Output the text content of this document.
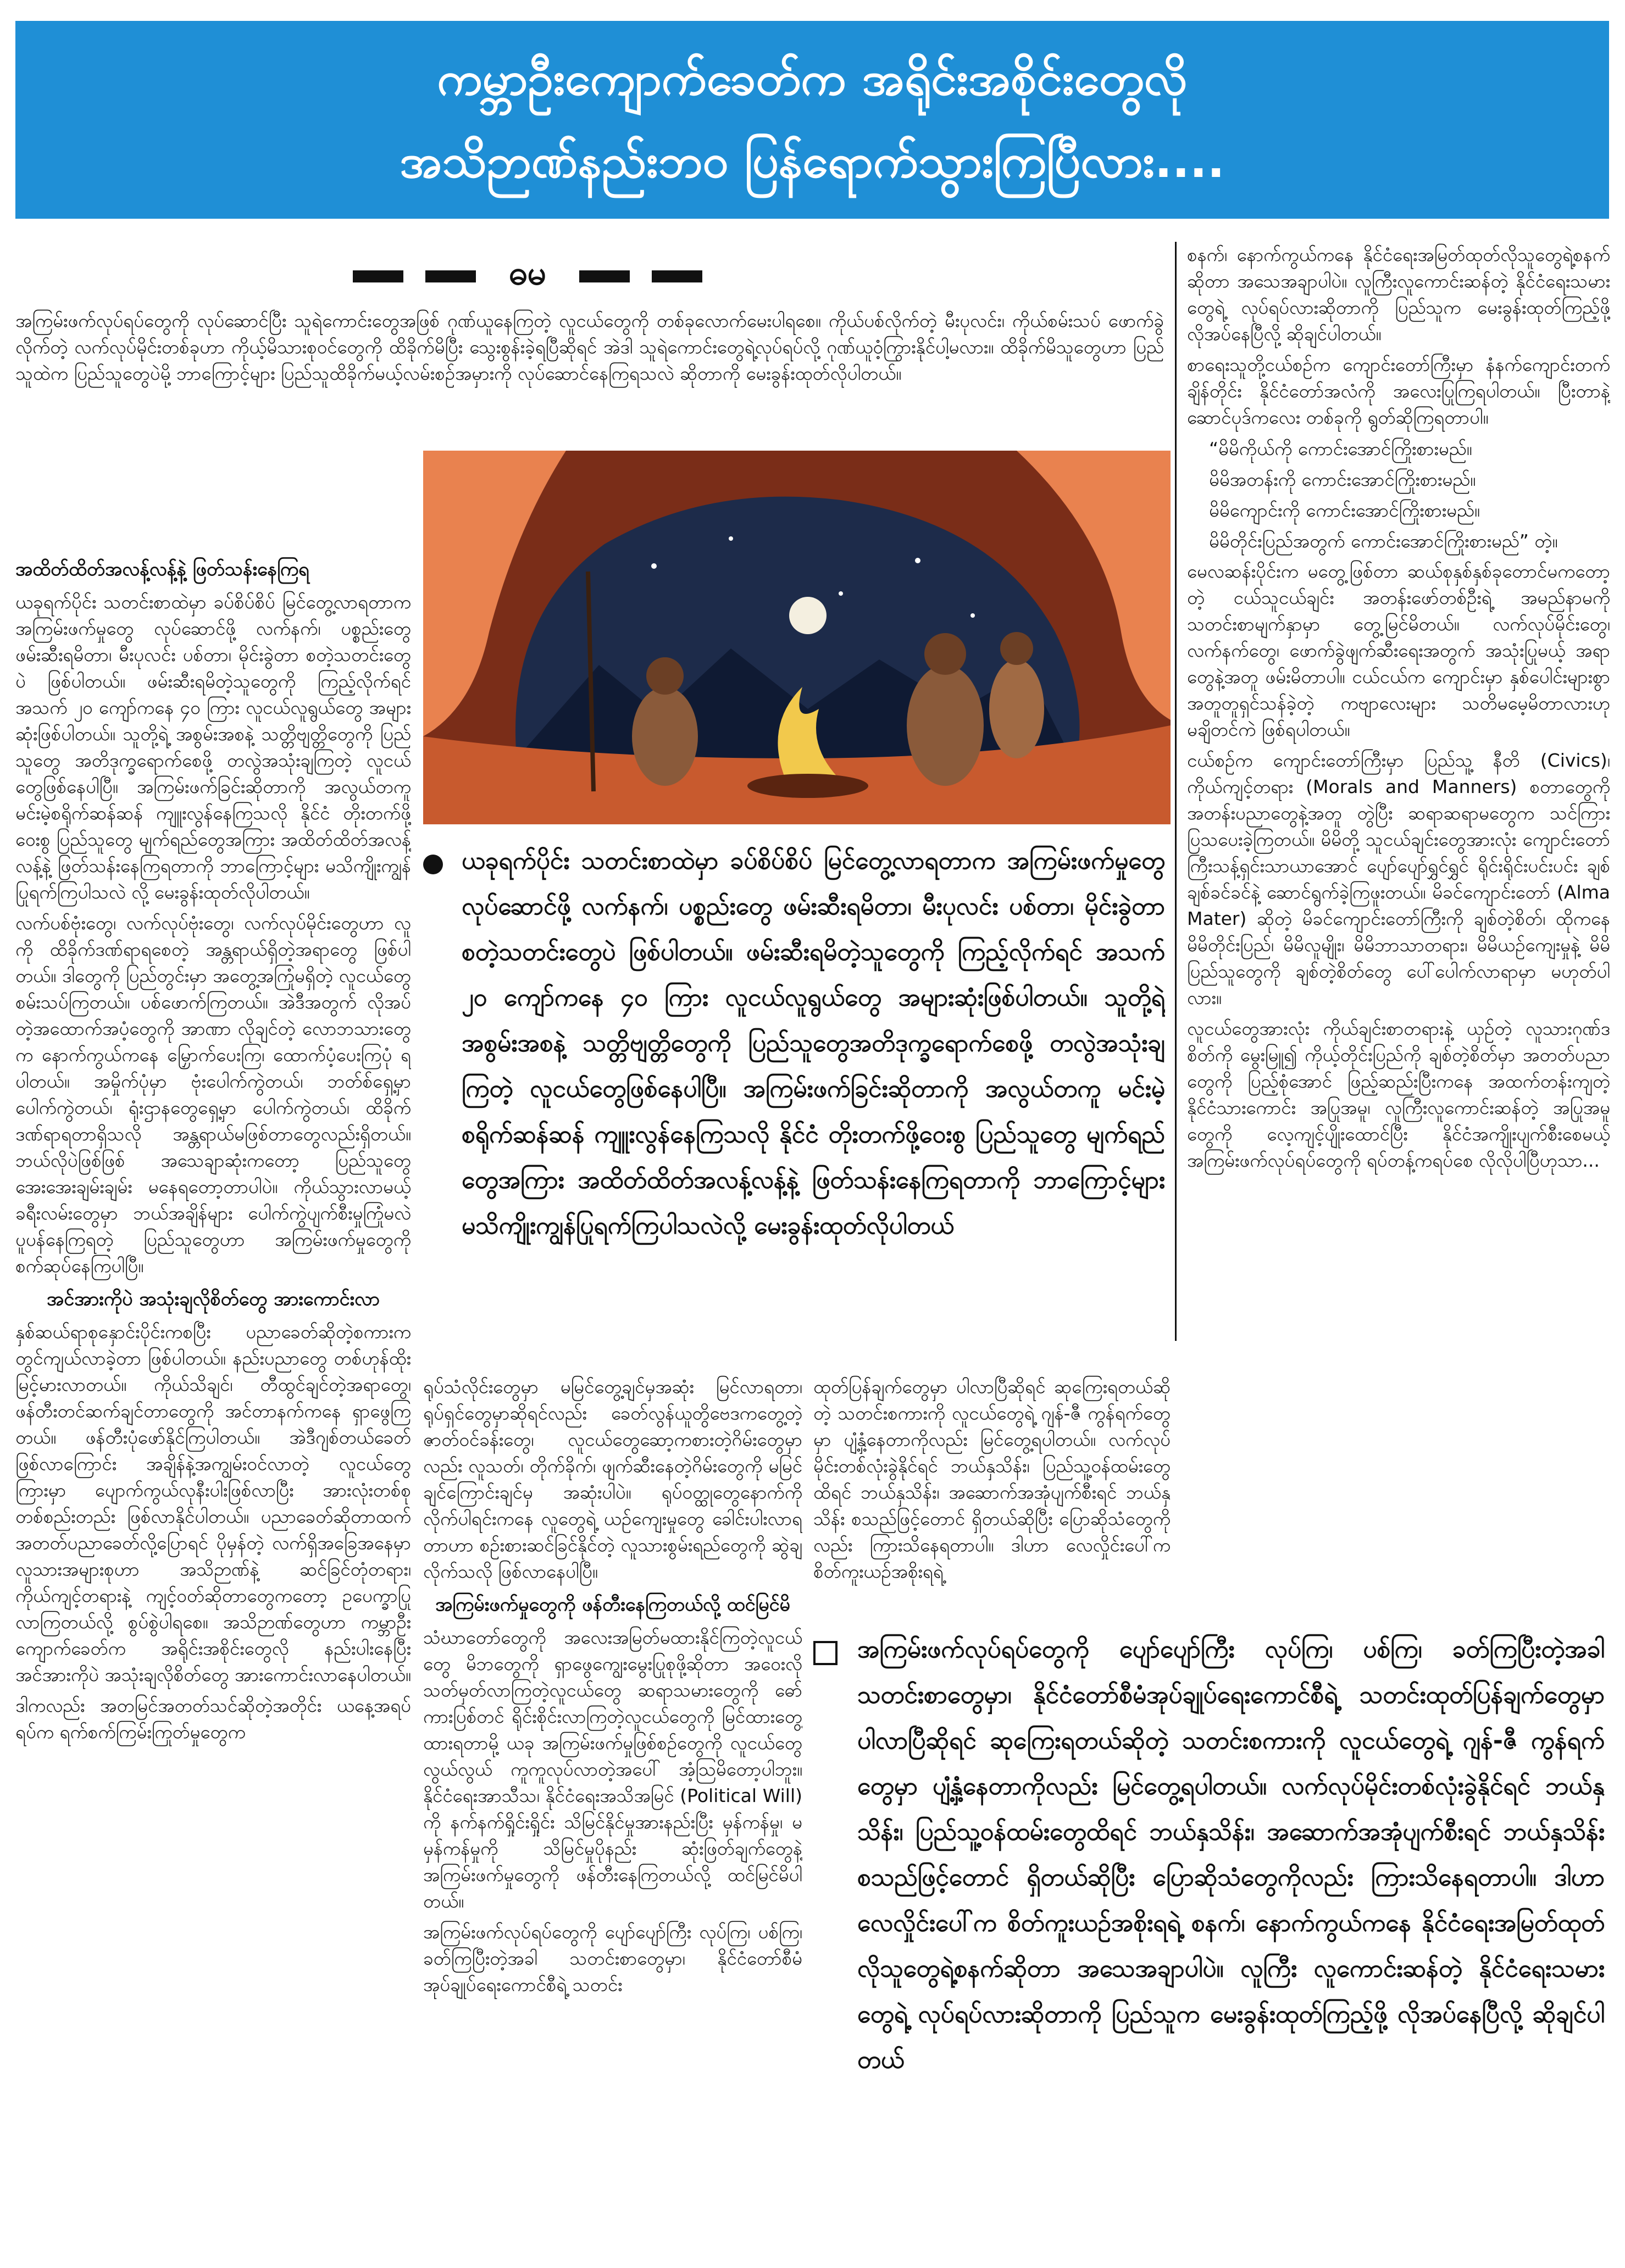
ကမ္ဘာဦးကျောက်ခေတ်က အရိုင်းအစိုင်းတွေလို
အသိဉာဏ်နည်းဘဝ ပြန်ရောက်သွားကြပြီလား....
ဓမ

အကြမ်းဖက်လုပ်ရပ်တွေကို လုပ်ဆောင်ပြီး သူရဲကောင်းတွေအဖြစ် ဂုဏ်ယူနေကြတဲ့ လူငယ်တွေကို တစ်ခုလောက်မေးပါရစေ။ ကိုယ်ပစ်လိုက်တဲ့ မီးပုလင်း၊ ကိုယ်စမ်းသပ် ဖောက်ခွဲလိုက်တဲ့ လက်လုပ်မိုင်းတစ်ခုဟာ ကိုယ့်မိသားစုဝင်တွေကို ထိခိုက်မိပြီး သွေးစွန်းခဲ့ရပြီဆိုရင် အဲဒါ သူရဲကောင်းတွေရဲ့လုပ်ရပ်လို့ ဂုဏ်ယူဝံ့ကြွားနိုင်ပါ့မလား။ ထိခိုက်မိသူတွေဟာ ပြည်သူထဲက ပြည်သူတွေပဲမို့ ဘာကြောင့်များ ပြည်သူထိခိုက်မယ့်လမ်းစဉ်အမှားကို လုပ်ဆောင်နေကြရသလဲ ဆိုတာကို မေးခွန်းထုတ်လိုပါတယ်။

အထိတ်ထိတ်အလန့်လန့်နဲ့ ဖြတ်သန်းနေကြရ

ယခုရက်ပိုင်း သတင်းစာထဲမှာ ခပ်စိပ်စိပ် မြင်တွေ့လာရတာက အကြမ်းဖက်မှုတွေ လုပ်ဆောင်ဖို့ လက်နက်၊ ပစ္စည်းတွေ ဖမ်းဆီးရမိတာ၊ မီးပုလင်း ပစ်တာ၊ မိုင်းခွဲတာ စတဲ့သတင်းတွေပဲ ဖြစ်ပါတယ်။ ဖမ်းဆီးရမိတဲ့သူတွေကို ကြည့်လိုက်ရင် အသက် ၂၀ ကျော်ကနေ ၄၀ ကြား လူငယ်လူရွယ်တွေ အများဆုံးဖြစ်ပါတယ်။ သူတို့ရဲ့ အစွမ်းအစနဲ့ သတ္တိဗျတ္တိတွေကို ပြည်သူတွေ အတိဒုက္ခရောက်စေဖို့ တလွဲအသုံးချကြတဲ့ လူငယ်တွေဖြစ်နေပါပြီ။ အကြမ်းဖက်ခြင်းဆိုတာကို အလွယ်တကူ မင်းမဲ့စရိုက်ဆန်ဆန် ကျူးလွန်နေကြသလို နိုင်ငံ တိုးတက်ဖို့ဝေးစွ ပြည်သူတွေ မျက်ရည်တွေအကြား အထိတ်ထိတ်အလန့်လန့်နဲ့ ဖြတ်သန်းနေကြရတာကို ဘာကြောင့်များ မသိကျိုးကျွန်ပြုရက်ကြပါသလဲ လို့ မေးခွန်းထုတ်လိုပါတယ်။

လက်ပစ်ဗုံးတွေ၊ လက်လုပ်ဗုံးတွေ၊ လက်လုပ်မိုင်းတွေဟာ လူကို ထိခိုက်ဒဏ်ရာရစေတဲ့ အန္တရာယ်ရှိတဲ့အရာတွေ ဖြစ်ပါတယ်။ ဒါတွေကို ပြည်တွင်းမှာ အတွေ့အကြုံမရှိတဲ့ လူငယ်တွေ စမ်းသပ်ကြတယ်။ ပစ်ဖောက်ကြတယ်။ အဲဒီအတွက် လိုအပ်တဲ့အထောက်အပံ့တွေကို အာဏာ လိုချင်တဲ့ လောဘသားတွေက နောက်ကွယ်ကနေ မြှောက်ပေးကြ၊ ထောက်ပံ့ပေးကြပုံ ရပါတယ်။ အမှိုက်ပုံမှာ ဗုံးပေါက်ကွဲတယ်၊ ဘတ်စ်ရှေ့မှာ ပေါက်ကွဲတယ်၊ ရုံးဌာနတွေရှေ့မှာ ပေါက်ကွဲတယ်၊ ထိခိုက်ဒဏ်ရာရတာရှိသလို အန္တရာယ်မဖြစ်တာတွေလည်းရှိတယ်။ ဘယ်လိုပဲဖြစ်ဖြစ် အသေချာဆုံးကတော့ ပြည်သူတွေ အေးအေးချမ်းချမ်း မနေရတော့တာပါပဲ။ ကိုယ်သွားလာမယ့် ခရီးလမ်းတွေမှာ ဘယ်အချိန်များ ပေါက်ကွဲပျက်စီးမှုကြုံမလဲ ပူပန်နေကြရတဲ့ ပြည်သူတွေဟာ အကြမ်းဖက်မှုတွေကို စက်ဆုပ်နေကြပါပြီ။

အင်အားကိုပဲ အသုံးချလိုစိတ်တွေ အားကောင်းလာ

နှစ်ဆယ်ရာစုနှောင်းပိုင်းကစပြီး ပညာခေတ်ဆိုတဲ့စကားက တွင်ကျယ်လာခဲ့တာ ဖြစ်ပါတယ်။ နည်းပညာတွေ တစ်ဟုန်ထိုးမြင့်မားလာတယ်။ ကိုယ်သိချင်၊ တီထွင်ချင်တဲ့အရာတွေ၊ ဖန်တီးတင်ဆက်ချင်တာတွေကို အင်တာနက်ကနေ ရှာဖွေကြတယ်။ ဖန်တီးပုံဖော်နိုင်ကြပါတယ်။ အဲဒီဂျစ်တယ်ခေတ်ဖြစ်လာကြောင်း အချိန်နဲ့အကျွမ်းဝင်လာတဲ့ လူငယ်တွေကြားမှာ ပျောက်ကွယ်လုနီးပါးဖြစ်လာပြီး အားလုံးတစ်စုတစ်စည်းတည်း ဖြစ်လာနိုင်ပါတယ်။ ပညာခေတ်ဆိုတာထက် အတတ်ပညာခေတ်လို့ပြောရင် ပိုမှန်တဲ့ လက်ရှိအခြေအနေမှာ လူသားအများစုဟာ အသိဉာဏ်နဲ့ ဆင်ခြင်တုံတရား၊ ကိုယ်ကျင့်တရားနဲ့ ကျင့်ဝတ်ဆိုတာတွေကတော့ ဥပေက္ခာပြုလာကြတယ်လို့ စွပ်စွဲပါရစေ။ အသိဉာဏ်တွေဟာ ကမ္ဘာဦးကျောက်ခေတ်က အရိုင်းအစိုင်းတွေလို နည်းပါးနေပြီး အင်အားကိုပဲ အသုံးချလိုစိတ်တွေ အားကောင်းလာနေပါတယ်။

ဒါကလည်း အတမြင်အတတ်သင်ဆိုတဲ့အတိုင်း ယနေ့အရပ်ရပ်က ရက်စက်ကြမ်းကြုတ်မှုတွေက

ယခုရက်ပိုင်း သတင်းစာထဲမှာ ခပ်စိပ်စိပ် မြင်တွေ့လာရတာက အကြမ်းဖက်မှုတွေ လုပ်ဆောင်ဖို့ လက်နက်၊ ပစ္စည်းတွေ ဖမ်းဆီးရမိတာ၊ မီးပုလင်း ပစ်တာ၊ မိုင်းခွဲတာ စတဲ့သတင်းတွေပဲ ဖြစ်ပါတယ်။ ဖမ်းဆီးရမိတဲ့သူတွေကို ကြည့်လိုက်ရင် အသက် ၂၀ ကျော်ကနေ ၄၀ ကြား လူငယ်လူရွယ်တွေ အများဆုံးဖြစ်ပါတယ်။ သူတို့ရဲ့ အစွမ်းအစနဲ့ သတ္တိဗျတ္တိတွေကို ပြည်သူတွေအတိဒုက္ခရောက်စေဖို့ တလွဲအသုံးချကြတဲ့ လူငယ်တွေဖြစ်နေပါပြီ။ အကြမ်းဖက်ခြင်းဆိုတာကို အလွယ်တကူ မင်းမဲ့စရိုက်ဆန်ဆန် ကျူးလွန်နေကြသလို နိုင်ငံ တိုးတက်ဖို့ဝေးစွ ပြည်သူတွေ မျက်ရည်တွေအကြား အထိတ်ထိတ်အလန့်လန့်နဲ့ ဖြတ်သန်းနေကြရတာကို ဘာကြောင့်များ မသိကျိုးကျွန်ပြုရက်ကြပါသလဲလို့ မေးခွန်းထုတ်လိုပါတယ်

ရုပ်သံလိုင်းတွေမှာ မမြင်တွေ့ချင်မှအဆုံး မြင်လာရတာ၊ ရုပ်ရှင်တွေမှာဆိုရင်လည်း ခေတ်လွန်ယူတွိဗေဒကတွေ့တဲ့ ဇာတ်ဝင်ခန်းတွေ၊ လူငယ်တွေဆော့ကစားတဲ့ဂိမ်းတွေမှာလည်း လူသတ်၊ တိုက်ခိုက်၊ ဖျက်ဆီးနေတဲ့ဂိမ်းတွေကို မမြင်ချင်ကြောင်းချင်မှ အဆုံးပါပဲ။ ရုပ်ဝတ္ထုတွေနောက်ကို လိုက်ပါရင်းကနေ လူတွေရဲ့ ယဉ်ကျေးမှုတွေ ခေါင်းပါးလာရတာဟာ စဉ်းစားဆင်ခြင်နိုင်တဲ့ လူသားစွမ်းရည်တွေကို ဆွဲချလိုက်သလို ဖြစ်လာနေပါပြီ။

အကြမ်းဖက်မှုတွေကို ဖန်တီးနေကြတယ်လို့ ထင်မြင်မိ

သံဃာတော်တွေကို အလေးအမြတ်မထားနိုင်ကြတဲ့လူငယ်တွေ မိဘတွေကို ရှာဖွေကျွေးမွေးပြုစုဖို့ဆိုတာ အဝေးလို သတ်မှတ်လာကြတဲ့လူငယ်တွေ ဆရာသမားတွေကို ဓော်ကားပြစ်တင် ရိုင်းစိုင်းလာကြတဲ့လူငယ်တွေကို မြင်ထားတွေ့ထားရတာမို့ ယခု အကြမ်းဖက်မှုဖြစ်စဉ်တွေကို လူငယ်တွေ လွယ်လွယ် ကူကူလုပ်လာတဲ့အပေါ် အံ့ဩမိတော့ပါဘူး။ နိုင်ငံရေးအာသီသ၊ နိုင်ငံရေးအသိအမြင် (Political Will) ကို နက်နက်ရှိုင်းရှိုင်း သိမြင်နိုင်မှုအားနည်းပြီး မှန်ကန်မှု၊ မမှန်ကန်မှုကို သိမြင်မှုပိုနည်း ဆုံးဖြတ်ချက်တွေနဲ့ အကြမ်းဖက်မှုတွေကို ဖန်တီးနေကြတယ်လို့ ထင်မြင်မိပါတယ်။

အကြမ်းဖက်လုပ်ရပ်တွေကို ပျော်ပျော်ကြီး လုပ်ကြ၊ ပစ်ကြ၊ ခတ်ကြပြီးတဲ့အခါ သတင်းစာတွေမှာ၊ နိုင်ငံတော်စီမံအုပ်ချုပ်ရေးကောင်စီရဲ့ သတင်း

ထုတ်ပြန်ချက်တွေမှာ ပါလာပြီဆိုရင် ဆုကြေးရတယ်ဆိုတဲ့ သတင်းစကားကို လူငယ်တွေရဲ့ ဂျန်-ဇီ ကွန်ရက်တွေမှာ ပျံ့နှံ့နေတာကိုလည်း မြင်တွေ့ရပါတယ်။ လက်လုပ်မိုင်းတစ်လုံးခွဲနိုင်ရင် ဘယ်နှသိန်း၊ ပြည်သူ့ဝန်ထမ်းတွေထိရင် ဘယ်နှသိန်း၊ အဆောက်အအုံပျက်စီးရင် ဘယ်နှသိန်း စသည်ဖြင့်တောင် ရှိတယ်ဆိုပြီး ပြောဆိုသံတွေကိုလည်း ကြားသိနေရတာပါ။ ဒါဟာ လေလှိုင်းပေါ်က စိတ်ကူးယဉ်အစိုးရရဲ့

စနက်၊ နောက်ကွယ်ကနေ နိုင်ငံရေးအမြတ်ထုတ်လိုသူတွေရဲ့စနက်ဆိုတာ အသေအချာပါပဲ။ လူကြီးလူကောင်းဆန်တဲ့ နိုင်ငံရေးသမားတွေရဲ့ လုပ်ရပ်လားဆိုတာကို ပြည်သူက မေးခွန်းထုတ်ကြည့်ဖို့ လိုအပ်နေပြီလို့ ဆိုချင်ပါတယ်။

စာရေးသူတို့ငယ်စဉ်က ကျောင်းတော်ကြီးမှာ နံနက်ကျောင်းတက်ချိန်တိုင်း နိုင်ငံတော်အလံကို အလေးပြုကြရပါတယ်။ ပြီးတာနဲ့ ဆောင်ပုဒ်ကလေး တစ်ခုကို ရွတ်ဆိုကြရတာပါ။

“မိမိကိုယ်ကို ကောင်းအောင်ကြိုးစားမည်။
မိမိအတန်းကို ကောင်းအောင်ကြိုးစားမည်။
မိမိကျောင်းကို ကောင်းအောင်ကြိုးစားမည်။
မိမိတိုင်းပြည်အတွက် ကောင်းအောင်ကြိုးစားမည်” တဲ့။

မေလဆန်းပိုင်းက မတွေ့ဖြစ်တာ ဆယ်စုနှစ်နှစ်ခုတောင်မကတော့တဲ့ ငယ်သူငယ်ချင်း အတန်းဖော်တစ်ဦးရဲ့ အမည်နာမကို သတင်းစာမျက်နှာမှာ တွေ့မြင်မိတယ်။ လက်လုပ်မိုင်းတွေ၊ လက်နက်တွေ၊ ဖောက်ခွဲဖျက်ဆီးရေးအတွက် အသုံးပြုမယ့် အရာတွေနဲ့အတူ ဖမ်းမိတာပါ။ ငယ်ငယ်က ကျောင်းမှာ နှစ်ပေါင်းများစွာ အတူတူရှင်သန်ခဲ့တဲ့ ကဗျာလေးများ သတိမမေ့မိတာလားဟု မချိတင်ကဲ ဖြစ်ရပါတယ်။

ငယ်စဉ်က ကျောင်းတော်ကြီးမှာ ပြည်သူ့ နီတိ (Civics)၊ ကိုယ်ကျင့်တရား (Morals and Manners) စတာတွေကို အတန်းပညာတွေနဲ့အတူ တွဲပြီး ဆရာဆရာမတွေက သင်ကြားပြသပေးခဲ့ကြတယ်။ မိမိတို့ သူငယ်ချင်းတွေအားလုံး ကျောင်းတော်ကြီးသန့်ရှင်းသာယာအောင် ပျော်ပျော်ရွှင်ရွှင် ရိုင်းရိုင်းပင်းပင်း ချစ်ချစ်ခင်ခင်နဲ့ ဆောင်ရွက်ခဲ့ကြဖူးတယ်။ မိခင်ကျောင်းတော် (Alma Mater) ဆိုတဲ့ မိခင်ကျောင်းတော်ကြီးကို ချစ်တဲ့စိတ်၊ ထိုကနေ မိမိတိုင်းပြည်၊ မိမိလူမျိုး၊ မိမိဘာသာတရား၊ မိမိယဉ်ကျေးမှုနဲ့ မိမိပြည်သူတွေကို ချစ်တဲ့စိတ်တွေ ပေါ်ပေါက်လာရာမှာ မဟုတ်ပါလား။

လူငယ်တွေအားလုံး ကိုယ်ချင်းစာတရားနဲ့ ယှဉ်တဲ့ လူသားဂုဏ်ဒစိတ်ကို မွေးမြူ၍ ကိုယ့်တိုင်းပြည်ကို ချစ်တဲ့စိတ်မှာ အတတ်ပညာတွေကို ပြည့်စုံအောင် ဖြည့်ဆည်းပြီးကနေ အထက်တန်းကျတဲ့ နိုင်ငံသားကောင်း အပြုအမူ၊ လူကြီးလူကောင်းဆန်တဲ့ အပြုအမူတွေကို လေ့ကျင့်ပျိုးထောင်ပြီး နိုင်ငံအကျိုးပျက်စီးစေမယ့် အကြမ်းဖက်လုပ်ရပ်တွေကို ရပ်တန့်ကရပ်စေ လိုလိုပါပြီဟုသာ...

အကြမ်းဖက်လုပ်ရပ်တွေကို ပျော်ပျော်ကြီး လုပ်ကြ၊ ပစ်ကြ၊ ခတ်ကြပြီးတဲ့အခါ သတင်းစာတွေမှာ၊ နိုင်ငံတော်စီမံအုပ်ချုပ်ရေးကောင်စီရဲ့ သတင်းထုတ်ပြန်ချက်တွေမှာ ပါလာပြီဆိုရင် ဆုကြေးရတယ်ဆိုတဲ့ သတင်းစကားကို လူငယ်တွေရဲ့ ဂျန်-ဇီ ကွန်ရက်တွေမှာ ပျံ့နှံ့နေတာကိုလည်း မြင်တွေ့ရပါတယ်။ လက်လုပ်မိုင်းတစ်လုံးခွဲနိုင်ရင် ဘယ်နှသိန်း၊ ပြည်သူ့ဝန်ထမ်းတွေထိရင် ဘယ်နှသိန်း၊ အဆောက်အအုံပျက်စီးရင် ဘယ်နှသိန်း စသည်ဖြင့်တောင် ရှိတယ်ဆိုပြီး ပြောဆိုသံတွေကိုလည်း ကြားသိနေရတာပါ။ ဒါဟာ လေလှိုင်းပေါ်က စိတ်ကူးယဉ်အစိုးရရဲ့ စနက်၊ နောက်ကွယ်ကနေ နိုင်ငံရေးအမြတ်ထုတ်လိုသူတွေရဲ့စနက်ဆိုတာ အသေအချာပါပဲ။ လူကြီး လူကောင်းဆန်တဲ့ နိုင်ငံရေးသမားတွေရဲ့ လုပ်ရပ်လားဆိုတာကို ပြည်သူက မေးခွန်းထုတ်ကြည့်ဖို့ လိုအပ်နေပြီလို့ ဆိုချင်ပါတယ်
